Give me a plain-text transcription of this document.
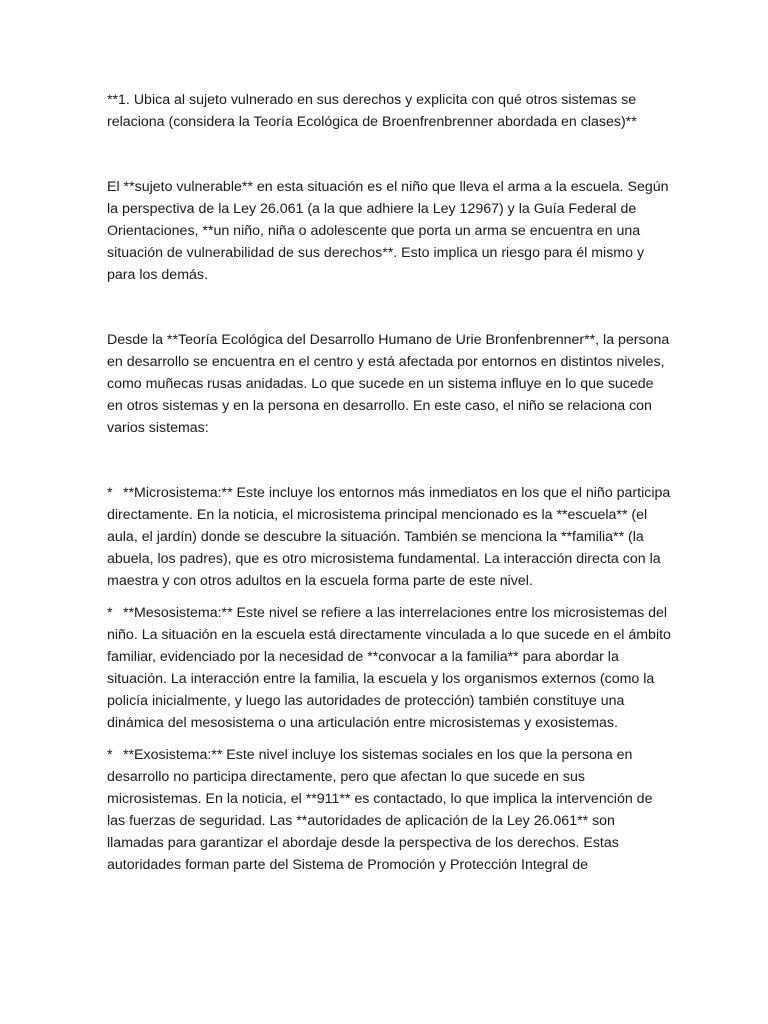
**1. Ubica al sujeto vulnerado en sus derechos y explicita con qué otros sistemas se relaciona (considera la Teoría Ecológica de Broenfrenbrenner abordada en clases)**

El **sujeto vulnerable** en esta situación es el niño que lleva el arma a la escuela. Según la perspectiva de la Ley 26.061 (a la que adhiere la Ley 12967) y la Guía Federal de Orientaciones, **un niño, niña o adolescente que porta un arma se encuentra en una situación de vulnerabilidad de sus derechos**. Esto implica un riesgo para él mismo y para los demás.

Desde la **Teoría Ecológica del Desarrollo Humano de Urie Bronfenbrenner**, la persona en desarrollo se encuentra en el centro y está afectada por entornos en distintos niveles, como muñecas rusas anidadas. Lo que sucede en un sistema influye en lo que sucede en otros sistemas y en la persona en desarrollo. En este caso, el niño se relaciona con varios sistemas:

* **Microsistema:** Este incluye los entornos más inmediatos en los que el niño participa directamente. En la noticia, el microsistema principal mencionado es la **escuela** (el aula, el jardín) donde se descubre la situación. También se menciona la **familia** (la abuela, los padres), que es otro microsistema fundamental. La interacción directa con la maestra y con otros adultos en la escuela forma parte de este nivel.

* **Mesosistema:** Este nivel se refiere a las interrelaciones entre los microsistemas del niño. La situación en la escuela está directamente vinculada a lo que sucede en el ámbito familiar, evidenciado por la necesidad de **convocar a la familia** para abordar la situación. La interacción entre la familia, la escuela y los organismos externos (como la policía inicialmente, y luego las autoridades de protección) también constituye una dinámica del mesosistema o una articulación entre microsistemas y exosistemas.

* **Exosistema:** Este nivel incluye los sistemas sociales en los que la persona en desarrollo no participa directamente, pero que afectan lo que sucede en sus microsistemas. En la noticia, el **911** es contactado, lo que implica la intervención de las fuerzas de seguridad. Las **autoridades de aplicación de la Ley 26.061** son llamadas para garantizar el abordaje desde la perspectiva de los derechos. Estas autoridades forman parte del Sistema de Promoción y Protección Integral de
